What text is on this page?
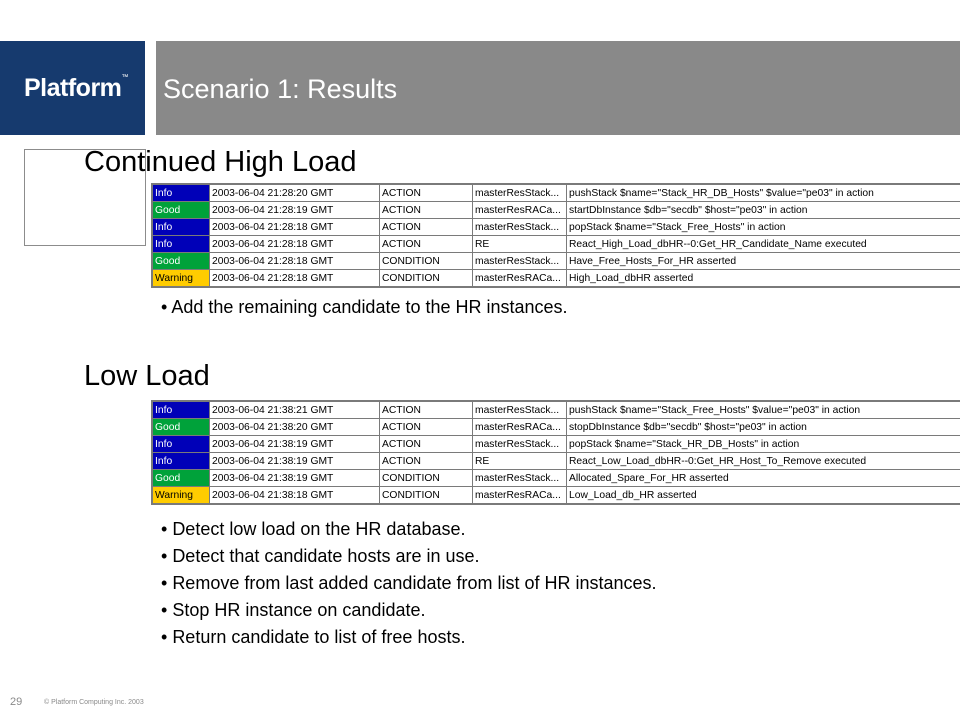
Platform™ Scenario 1: Results
Continued High Load
Info	2003-06-04 21:28:20 GMT	ACTION	masterResStack...	pushStack $name="Stack_HR_DB_Hosts" $value="pe03" in action
Good	2003-06-04 21:28:19 GMT	ACTION	masterResRACa...	startDbInstance $db="secdb" $host="pe03" in action
Info	2003-06-04 21:28:18 GMT	ACTION	masterResStack...	popStack $name="Stack_Free_Hosts" in action
Info	2003-06-04 21:28:18 GMT	ACTION	RE	React_High_Load_dbHR--0:Get_HR_Candidate_Name executed
Good	2003-06-04 21:28:18 GMT	CONDITION	masterResStack...	Have_Free_Hosts_For_HR asserted
Warning	2003-06-04 21:28:18 GMT	CONDITION	masterResRACa...	High_Load_dbHR asserted
• Add the remaining candidate to the HR instances.
Low Load
Info	2003-06-04 21:38:21 GMT	ACTION	masterResStack...	pushStack $name="Stack_Free_Hosts" $value="pe03" in action
Good	2003-06-04 21:38:20 GMT	ACTION	masterResRACa...	stopDbInstance $db="secdb" $host="pe03" in action
Info	2003-06-04 21:38:19 GMT	ACTION	masterResStack...	popStack $name="Stack_HR_DB_Hosts" in action
Info	2003-06-04 21:38:19 GMT	ACTION	RE	React_Low_Load_dbHR--0:Get_HR_Host_To_Remove executed
Good	2003-06-04 21:38:19 GMT	CONDITION	masterResStack...	Allocated_Spare_For_HR asserted
Warning	2003-06-04 21:38:18 GMT	CONDITION	masterResRACa...	Low_Load_db_HR asserted
• Detect low load on the HR database.
• Detect that candidate hosts are in use.
• Remove from last added candidate from list of HR instances.
• Stop HR instance on candidate.
• Return candidate to list of free hosts.
29	© Platform Computing Inc. 2003
